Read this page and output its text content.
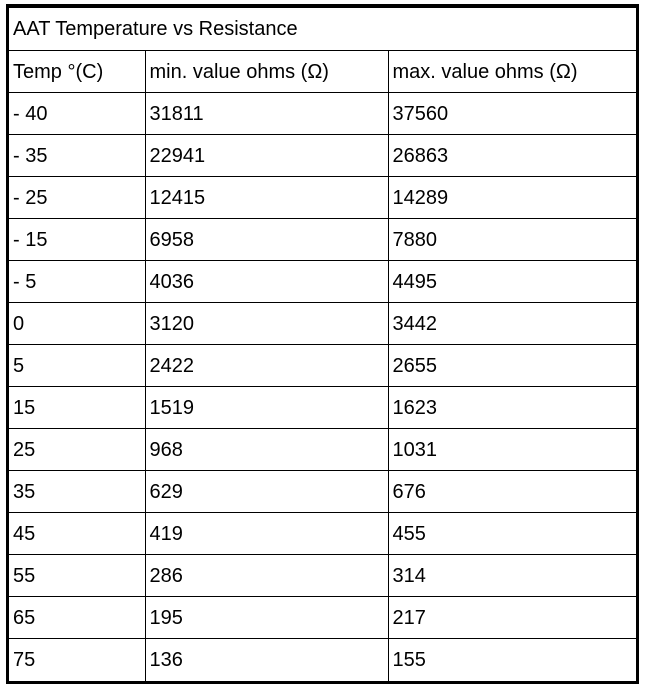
AAT Temperature vs Resistance		
Temp °(C)	min. value ohms (Ω)	max. value ohms (Ω)
- 40	31811	37560
- 35	22941	26863
- 25	12415	14289
- 15	6958	7880
- 5	4036	4495
0	3120	3442
5	2422	2655
15	1519	1623
25	968	1031
35	629	676
45	419	455
55	286	314
65	195	217
75	136	155
